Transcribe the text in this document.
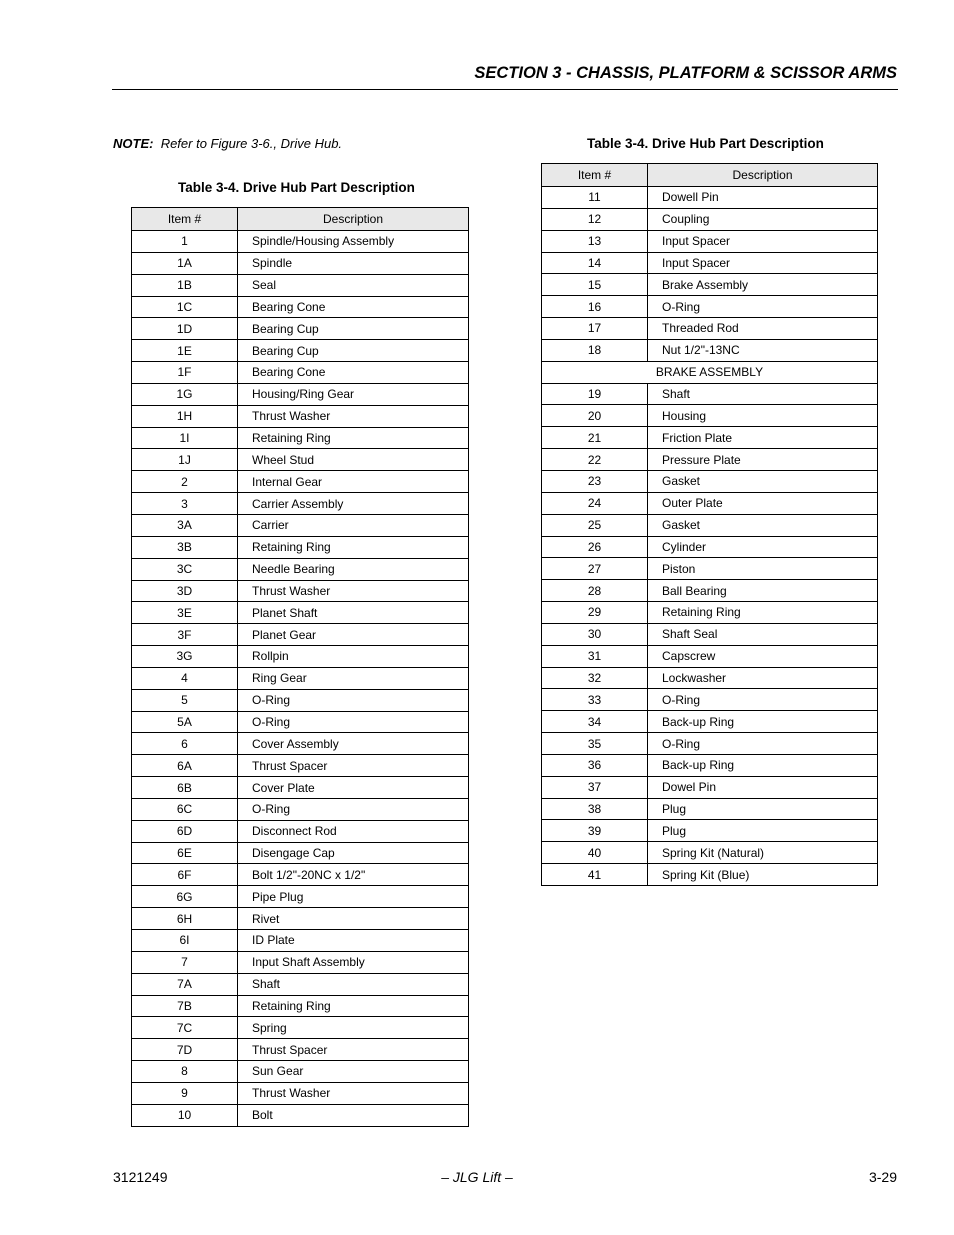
SECTION 3 - CHASSIS, PLATFORM & SCISSOR ARMS
NOTE: Refer to Figure 3-6., Drive Hub.
Table 3-4. Drive Hub Part Description
Item #	Description
1	Spindle/Housing Assembly
1A	Spindle
1B	Seal
1C	Bearing Cone
1D	Bearing Cup
1E	Bearing Cup
1F	Bearing Cone
1G	Housing/Ring Gear
1H	Thrust Washer
1I	Retaining Ring
1J	Wheel Stud
2	Internal Gear
3	Carrier Assembly
3A	Carrier
3B	Retaining Ring
3C	Needle Bearing
3D	Thrust Washer
3E	Planet Shaft
3F	Planet Gear
3G	Rollpin
4	Ring Gear
5	O-Ring
5A	O-Ring
6	Cover Assembly
6A	Thrust Spacer
6B	Cover Plate
6C	O-Ring
6D	Disconnect Rod
6E	Disengage Cap
6F	Bolt 1/2"-20NC x 1/2"
6G	Pipe Plug
6H	Rivet
6I	ID Plate
7	Input Shaft Assembly
7A	Shaft
7B	Retaining Ring
7C	Spring
7D	Thrust Spacer
8	Sun Gear
9	Thrust Washer
10	Bolt
Table 3-4. Drive Hub Part Description
Item #	Description
11	Dowell Pin
12	Coupling
13	Input Spacer
14	Input Spacer
15	Brake Assembly
16	O-Ring
17	Threaded Rod
18	Nut 1/2"-13NC
BRAKE ASSEMBLY	
19	Shaft
20	Housing
21	Friction Plate
22	Pressure Plate
23	Gasket
24	Outer Plate
25	Gasket
26	Cylinder
27	Piston
28	Ball Bearing
29	Retaining Ring
30	Shaft Seal
31	Capscrew
32	Lockwasher
33	O-Ring
34	Back-up Ring
35	O-Ring
36	Back-up Ring
37	Dowel Pin
38	Plug
39	Plug
40	Spring Kit (Natural)
41	Spring Kit (Blue)
3121249	– JLG Lift –	3-29
